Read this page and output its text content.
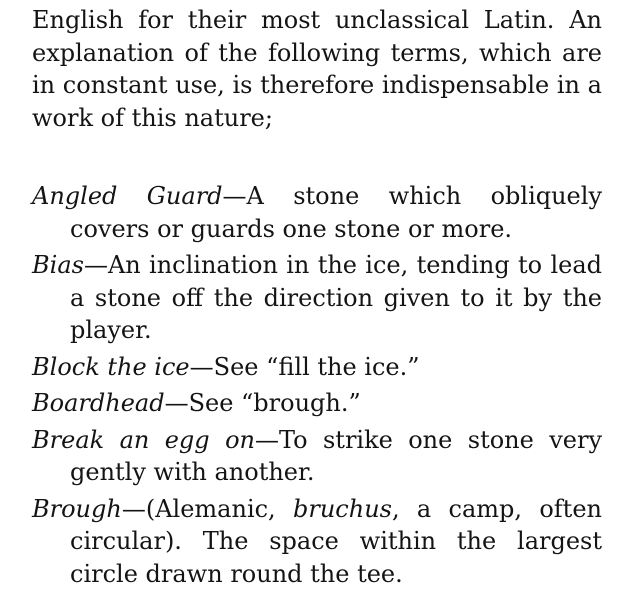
English for their most unclassical Latin. An explanation of the following terms, which are in constant use, is therefore indispensable in a work of this nature;

Angled Guard—A stone which obliquely covers or guards one stone or more.
Bias—An inclination in the ice, tending to lead a stone off the direction given to it by the player.
Block the ice—See “fill the ice.”
Boardhead—See “brough.”
Break an egg on—To strike one stone very gently with another.
Brough—(Alemanic, bruchus, a camp, often circular). The space within the largest circle drawn round the tee.
